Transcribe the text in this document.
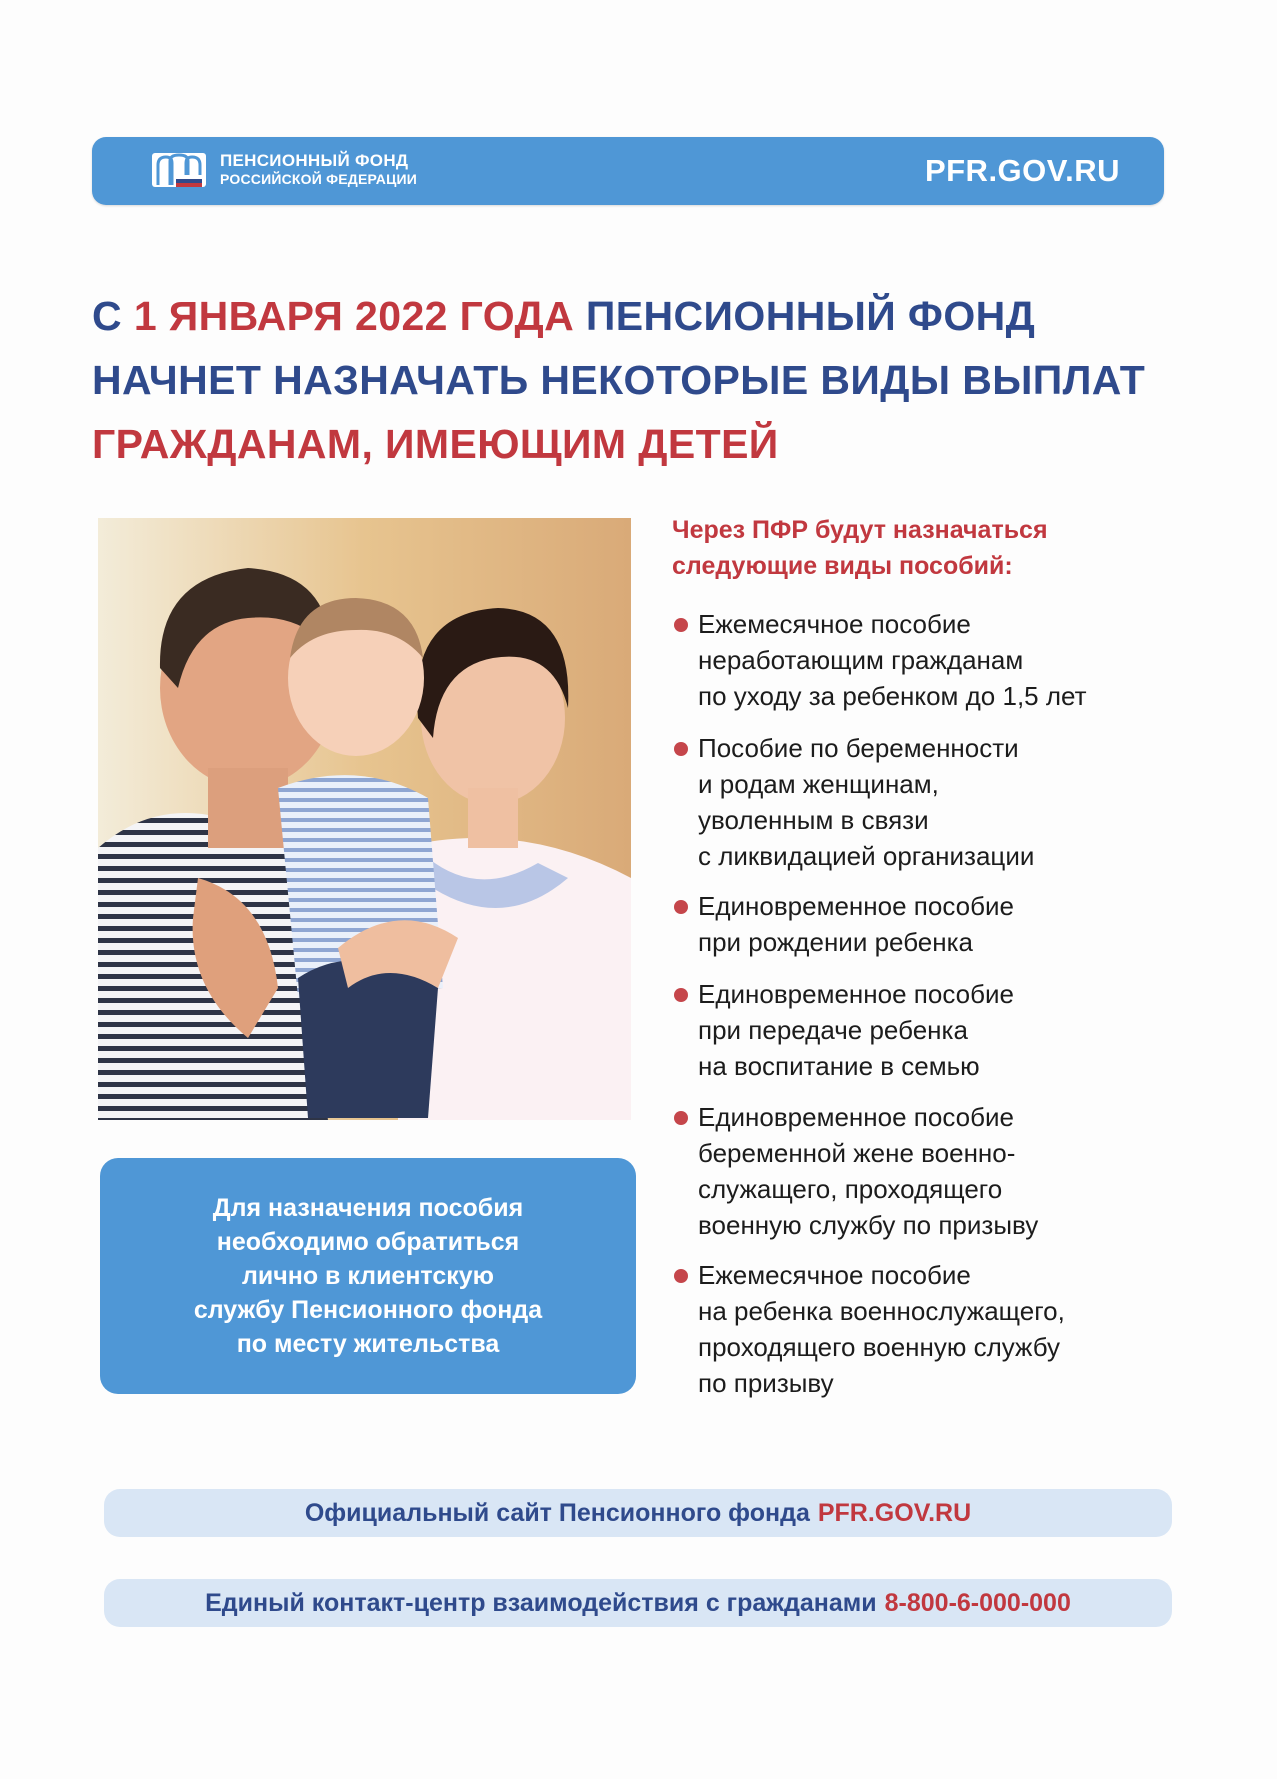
ПЕНСИОННЫЙ ФОНД
РОССИЙСКОЙ ФЕДЕРАЦИИ	PFR.GOV.RU
С 1 ЯНВАРЯ 2022 ГОДА ПЕНСИОННЫЙ ФОНД НАЧНЕТ НАЗНАЧАТЬ НЕКОТОРЫЕ ВИДЫ ВЫПЛАТ
ГРАЖДАНАМ, ИМЕЮЩИМ ДЕТЕЙ
Для назначения пособия
необходимо обратиться
лично в клиентскую
службу Пенсионного фонда
по месту жительства
Через ПФР будут назначаться
следующие виды пособий:
Ежемесячное пособие
неработающим гражданам
по уходу за ребенком до 1,5 лет
Пособие по беременности
и родам женщинам,
уволенным в связи
с ликвидацией организации
Единовременное пособие
при рождении ребенка
Единовременное пособие
при передаче ребенка
на воспитание в семью
Единовременное пособие
беременной жене военно-
служащего, проходящего
военную службу по призыву
Ежемесячное пособие
на ребенка военнослужащего,
проходящего военную службу
по призыву
Официальный сайт Пенсионного фонда PFR.GOV.RU
Единый контакт-центр взаимодействия с гражданами 8-800-6-000-000
